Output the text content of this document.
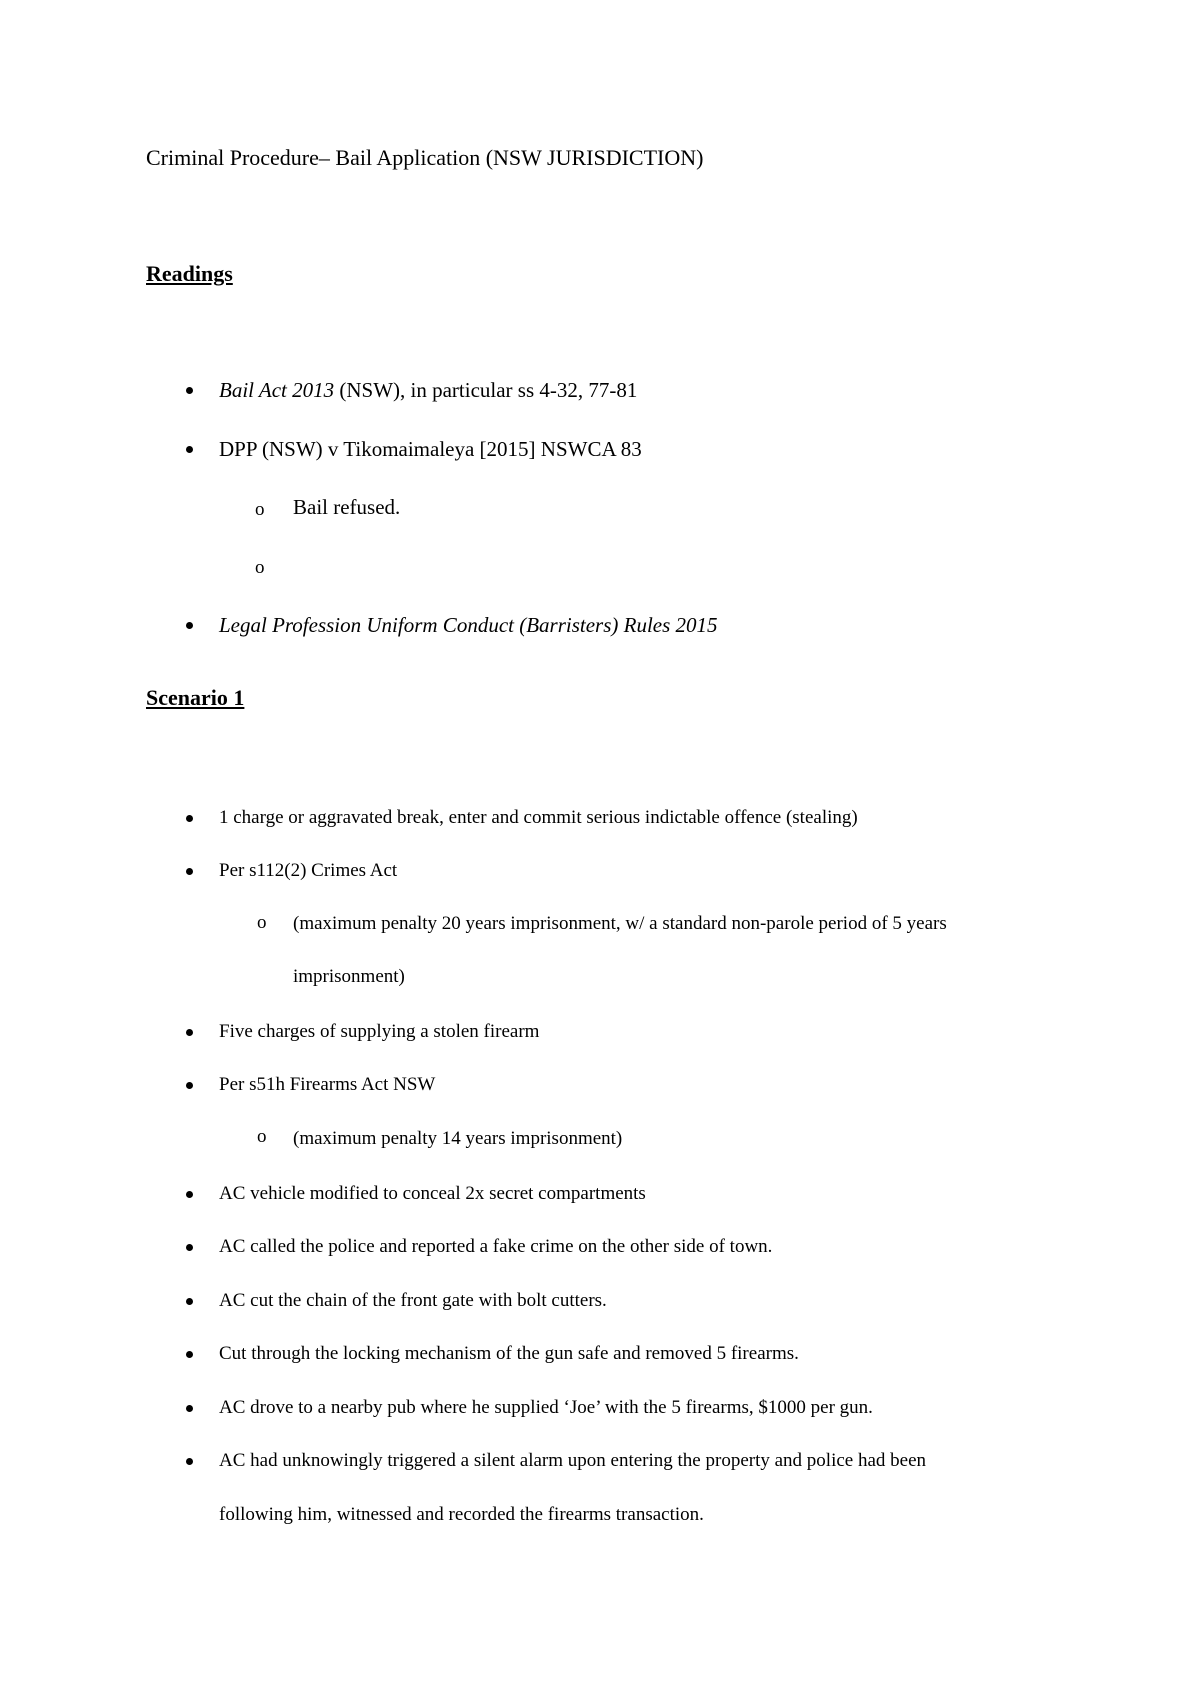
Criminal Procedure– Bail Application (NSW JURISDICTION)
Readings
Bail Act 2013 (NSW), in particular ss 4-32, 77-81
DPP (NSW) v Tikomaimaleya [2015] NSWCA 83
o Bail refused.
o
Legal Profession Uniform Conduct (Barristers) Rules 2015
Scenario 1
1 charge or aggravated break, enter and commit serious indictable offence (stealing)
Per s112(2) Crimes Act
o (maximum penalty 20 years imprisonment, w/ a standard non-parole period of 5 years
imprisonment)
Five charges of supplying a stolen firearm
Per s51h Firearms Act NSW
o (maximum penalty 14 years imprisonment)
AC vehicle modified to conceal 2x secret compartments
AC called the police and reported a fake crime on the other side of town.
AC cut the chain of the front gate with bolt cutters.
Cut through the locking mechanism of the gun safe and removed 5 firearms.
AC drove to a nearby pub where he supplied ‘Joe’ with the 5 firearms, $1000 per gun.
AC had unknowingly triggered a silent alarm upon entering the property and police had been
following him, witnessed and recorded the firearms transaction.
